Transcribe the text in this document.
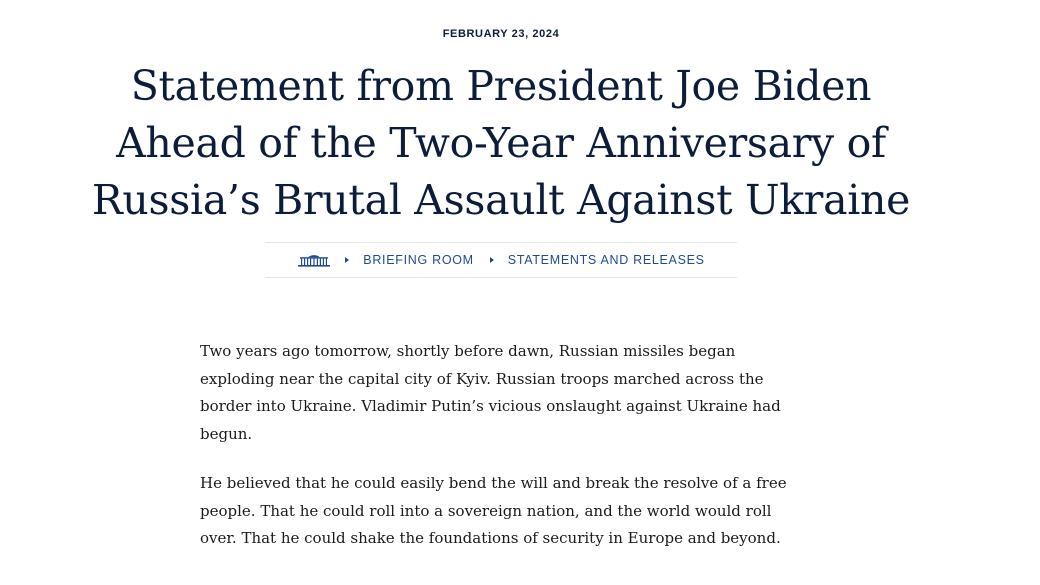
FEBRUARY 23, 2024
Statement from President Joe Biden
Ahead of the Two-Year Anniversary of
Russia’s Brutal Assault Against Ukraine
BRIEFING ROOM	STATEMENTS AND RELEASES

Two years ago tomorrow, shortly before dawn, Russian missiles began
exploding near the capital city of Kyiv. Russian troops marched across the
border into Ukraine. Vladimir Putin’s vicious onslaught against Ukraine had
begun.

He believed that he could easily bend the will and break the resolve of a free
people. That he could roll into a sovereign nation, and the world would roll
over. That he could shake the foundations of security in Europe and beyond.
